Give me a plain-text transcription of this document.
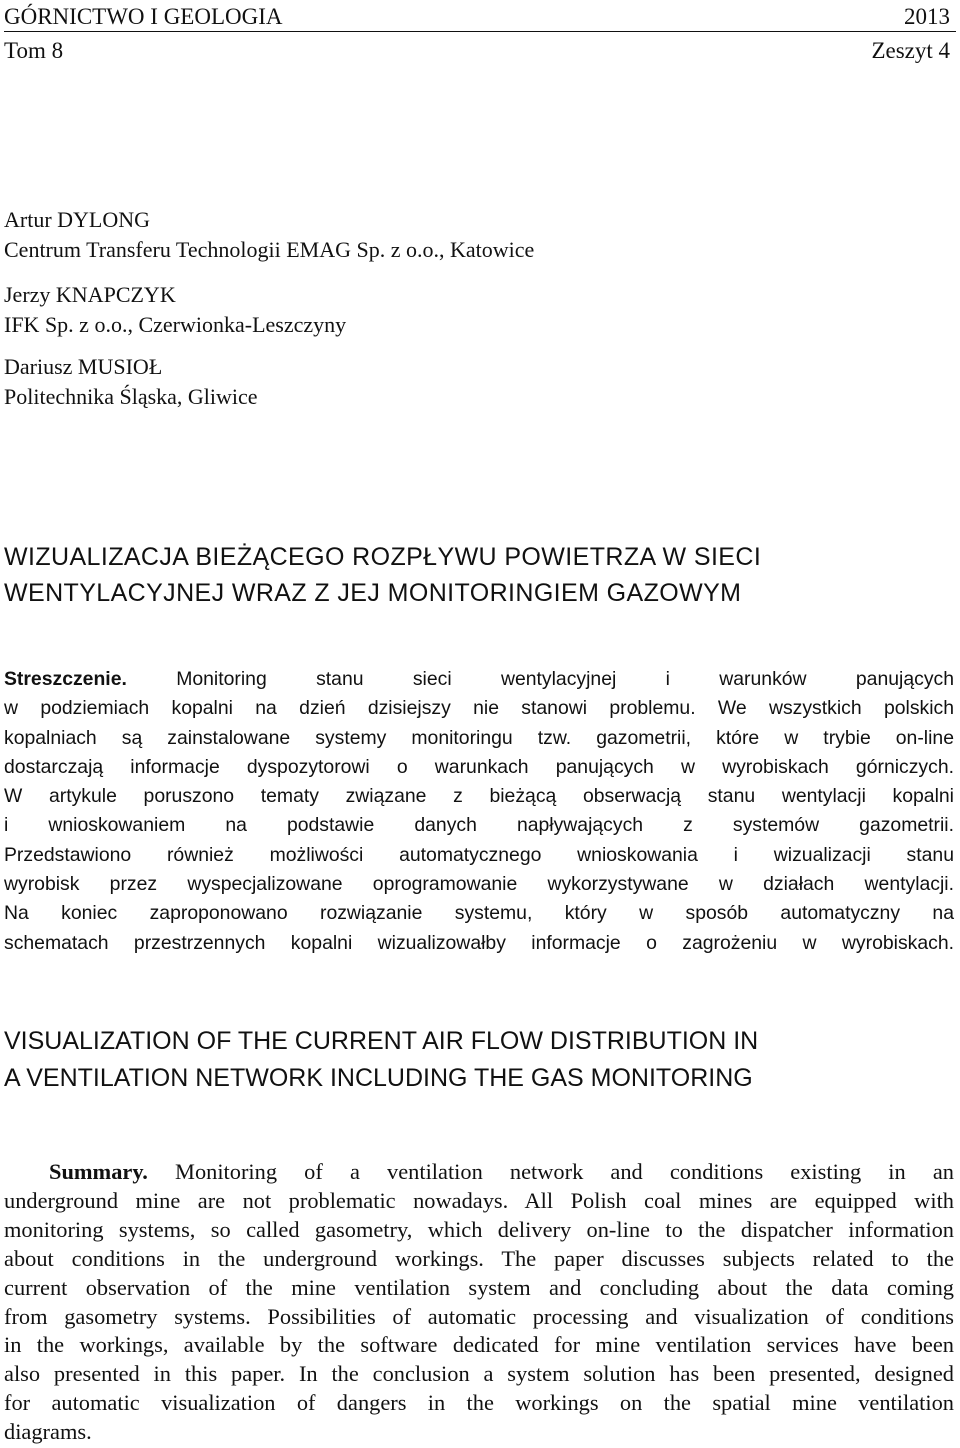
GÓRNICTWO I GEOLOGIA	2013
Tom 8	Zeszyt 4
Artur DYLONG
Centrum Transferu Technologii EMAG Sp. z o.o., Katowice
Jerzy KNAPCZYK
IFK Sp. z o.o., Czerwionka-Leszczyny
Dariusz MUSIOŁ
Politechnika Śląska, Gliwice
WIZUALIZACJA BIEŻĄCEGO ROZPŁYWU POWIETRZA W SIECI
WENTYLACYJNEJ WRAZ Z JEJ MONITORINGIEM GAZOWYM
Streszczenie. Monitoring stanu sieci wentylacyjnej i warunków panujących
w podziemiach kopalni na dzień dzisiejszy nie stanowi problemu. We wszystkich polskich
kopalniach są zainstalowane systemy monitoringu tzw. gazometrii, które w trybie on-line
dostarczają informacje dyspozytorowi o warunkach panujących w wyrobiskach górniczych.
W artykule poruszono tematy związane z bieżącą obserwacją stanu wentylacji kopalni
i wnioskowaniem na podstawie danych napływających z systemów gazometrii.
Przedstawiono również możliwości automatycznego wnioskowania i wizualizacji stanu
wyrobisk przez wyspecjalizowane oprogramowanie wykorzystywane w działach wentylacji.
Na koniec zaproponowano rozwiązanie systemu, który w sposób automatyczny na
schematach przestrzennych kopalni wizualizowałby informacje o zagrożeniu w wyrobiskach.
VISUALIZATION OF THE CURRENT AIR FLOW DISTRIBUTION IN
A VENTILATION NETWORK INCLUDING THE GAS MONITORING
Summary. Monitoring of a ventilation network and conditions existing in an
underground mine are not problematic nowadays. All Polish coal mines are equipped with
monitoring systems, so called gasometry, which delivery on-line to the dispatcher information
about conditions in the underground workings. The paper discusses subjects related to the
current observation of the mine ventilation system and concluding about the data coming
from gasometry systems. Possibilities of automatic processing and visualization of conditions
in the workings, available by the software dedicated for mine ventilation services have been
also presented in this paper. In the conclusion a system solution has been presented, designed
for automatic visualization of dangers in the workings on the spatial mine ventilation
diagrams.
